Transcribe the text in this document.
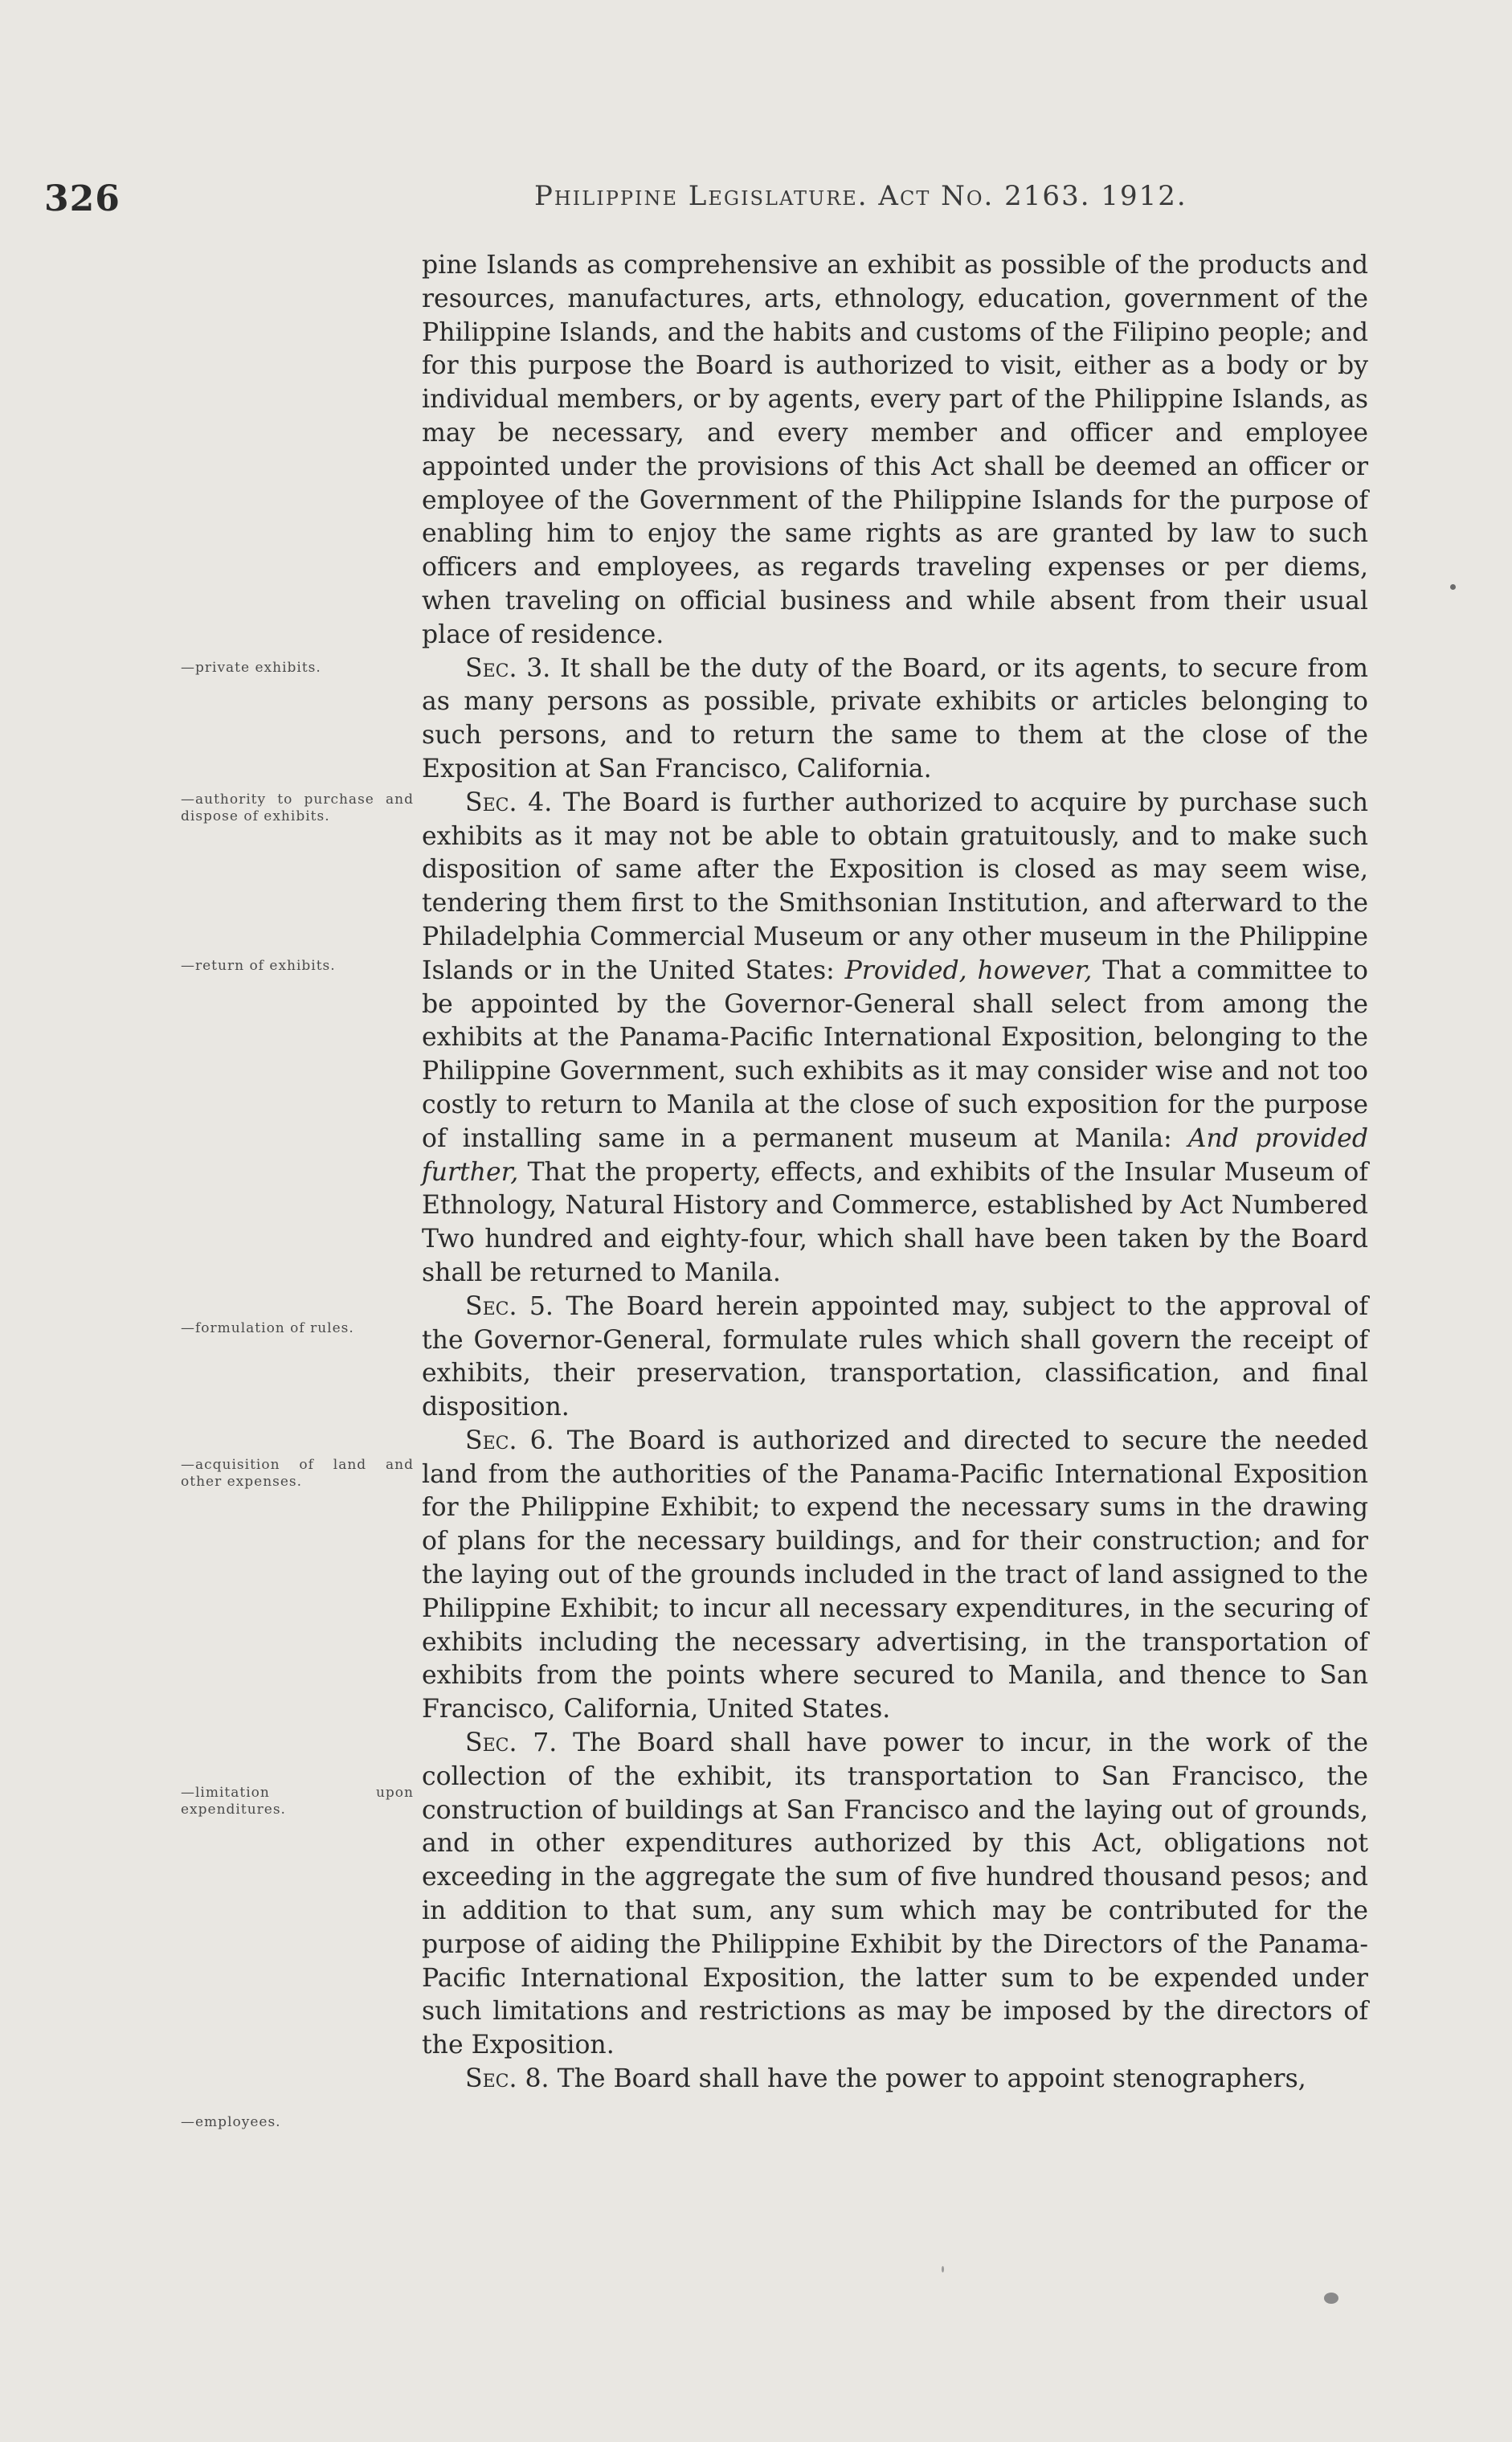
326	Philippine Legislature. Act No. 2163. 1912.
—private exhibits.
—authority to purchase and dispose of exhibits.
—return of exhibits.
—formulation of rules.
—acquisition of land and other expenses.
—limitation upon expenditures.
—employees.

pine Islands as comprehensive an exhibit as possible of the products and resources, manufactures, arts, ethnology, education, government of the Philippine Islands, and the habits and customs of the Filipino people; and for this purpose the Board is authorized to visit, either as a body or by individual members, or by agents, every part of the Philippine Islands, as may be necessary, and every member and officer and employee appointed under the provisions of this Act shall be deemed an officer or employee of the Government of the Philippine Islands for the purpose of enabling him to enjoy the same rights as are granted by law to such officers and employees, as regards traveling expenses or per diems, when traveling on official business and while absent from their usual place of residence.

Sec. 3. It shall be the duty of the Board, or its agents, to secure from as many persons as possible, private exhibits or articles belonging to such persons, and to return the same to them at the close of the Exposition at San Francisco, California.

Sec. 4. The Board is further authorized to acquire by purchase such exhibits as it may not be able to obtain gratuitously, and to make such disposition of same after the Exposition is closed as may seem wise, tendering them first to the Smithsonian Institution, and afterward to the Philadelphia Commercial Museum or any other museum in the Philippine Islands or in the United States: Provided, however, That a committee to be appointed by the Governor-General shall select from among the exhibits at the Panama-Pacific International Exposition, belonging to the Philippine Government, such exhibits as it may consider wise and not too costly to return to Manila at the close of such exposition for the purpose of installing same in a permanent museum at Manila: And provided further, That the property, effects, and exhibits of the Insular Museum of Ethnology, Natural History and Commerce, established by Act Numbered Two hundred and eighty-four, which shall have been taken by the Board shall be returned to Manila.

Sec. 5. The Board herein appointed may, subject to the approval of the Governor-General, formulate rules which shall govern the receipt of exhibits, their preservation, transportation, classification, and final disposition.

Sec. 6. The Board is authorized and directed to secure the needed land from the authorities of the Panama-Pacific International Exposition for the Philippine Exhibit; to expend the necessary sums in the drawing of plans for the necessary buildings, and for their construction; and for the laying out of the grounds included in the tract of land assigned to the Philippine Exhibit; to incur all necessary expenditures, in the securing of exhibits including the necessary advertising, in the transportation of exhibits from the points where secured to Manila, and thence to San Francisco, California, United States.

Sec. 7. The Board shall have power to incur, in the work of the collection of the exhibit, its transportation to San Francisco, the construction of buildings at San Francisco and the laying out of grounds, and in other expenditures authorized by this Act, obligations not exceeding in the aggregate the sum of five hundred thousand pesos; and in addition to that sum, any sum which may be contributed for the purpose of aiding the Philippine Exhibit by the Directors of the Panama-Pacific International Exposition, the latter sum to be expended under such limitations and restrictions as may be imposed by the directors of the Exposition.

Sec. 8. The Board shall have the power to appoint stenographers,
